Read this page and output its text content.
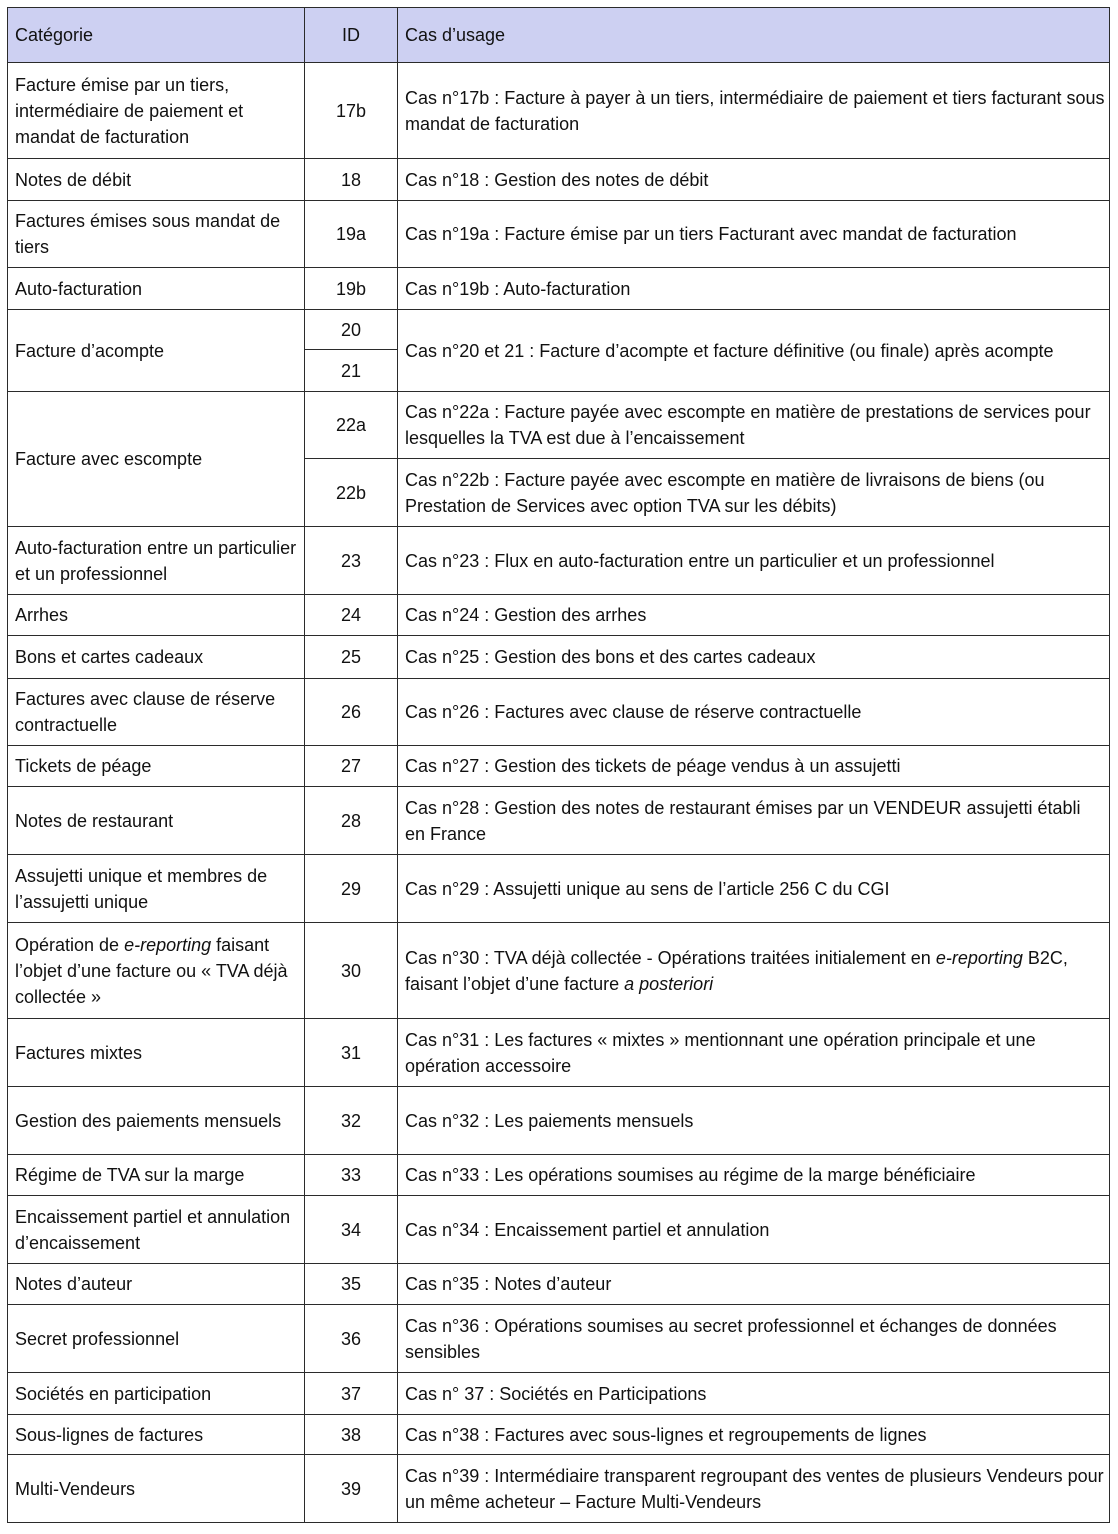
Catégorie	ID	Cas d’usage
Facture émise par un tiers, intermédiaire de paiement et mandat de facturation	17b	Cas n°17b : Facture à payer à un tiers, intermédiaire de paiement et tiers facturant sous mandat de facturation
Notes de débit	18	Cas n°18 : Gestion des notes de débit
Factures émises sous mandat de tiers	19a	Cas n°19a : Facture émise par un tiers Facturant avec mandat de facturation
Auto-facturation	19b	Cas n°19b : Auto-facturation
Facture d’acompte	20	Cas n°20 et 21 : Facture d’acompte et facture définitive (ou finale) après acompte
	21	
Facture avec escompte	22a	Cas n°22a : Facture payée avec escompte en matière de prestations de services pour lesquelles la TVA est due à l’encaissement
	22b	Cas n°22b : Facture payée avec escompte en matière de livraisons de biens (ou Prestation de Services avec option TVA sur les débits)
Auto-facturation entre un particulier et un professionnel	23	Cas n°23 : Flux en auto-facturation entre un particulier et un professionnel
Arrhes	24	Cas n°24 : Gestion des arrhes
Bons et cartes cadeaux	25	Cas n°25 : Gestion des bons et des cartes cadeaux
Factures avec clause de réserve contractuelle	26	Cas n°26 : Factures avec clause de réserve contractuelle
Tickets de péage	27	Cas n°27 : Gestion des tickets de péage vendus à un assujetti
Notes de restaurant	28	Cas n°28 : Gestion des notes de restaurant émises par un VENDEUR assujetti établi en France
Assujetti unique et membres de l’assujetti unique	29	Cas n°29 : Assujetti unique au sens de l’article 256 C du CGI
Opération de e-reporting faisant l’objet d’une facture ou « TVA déjà collectée »	30	Cas n°30 : TVA déjà collectée - Opérations traitées initialement en e-reporting B2C, faisant l’objet d’une facture a posteriori
Factures mixtes	31	Cas n°31 : Les factures « mixtes » mentionnant une opération principale et une opération accessoire
Gestion des paiements mensuels	32	Cas n°32 : Les paiements mensuels
Régime de TVA sur la marge	33	Cas n°33 : Les opérations soumises au régime de la marge bénéficiaire
Encaissement partiel et annulation d’encaissement	34	Cas n°34 : Encaissement partiel et annulation
Notes d’auteur	35	Cas n°35 : Notes d’auteur
Secret professionnel	36	Cas n°36 : Opérations soumises au secret professionnel et échanges de données sensibles
Sociétés en participation	37	Cas n° 37 : Sociétés en Participations
Sous-lignes de factures	38	Cas n°38 : Factures avec sous-lignes et regroupements de lignes
Multi-Vendeurs	39	Cas n°39 : Intermédiaire transparent regroupant des ventes de plusieurs Vendeurs pour un même acheteur – Facture Multi-Vendeurs
